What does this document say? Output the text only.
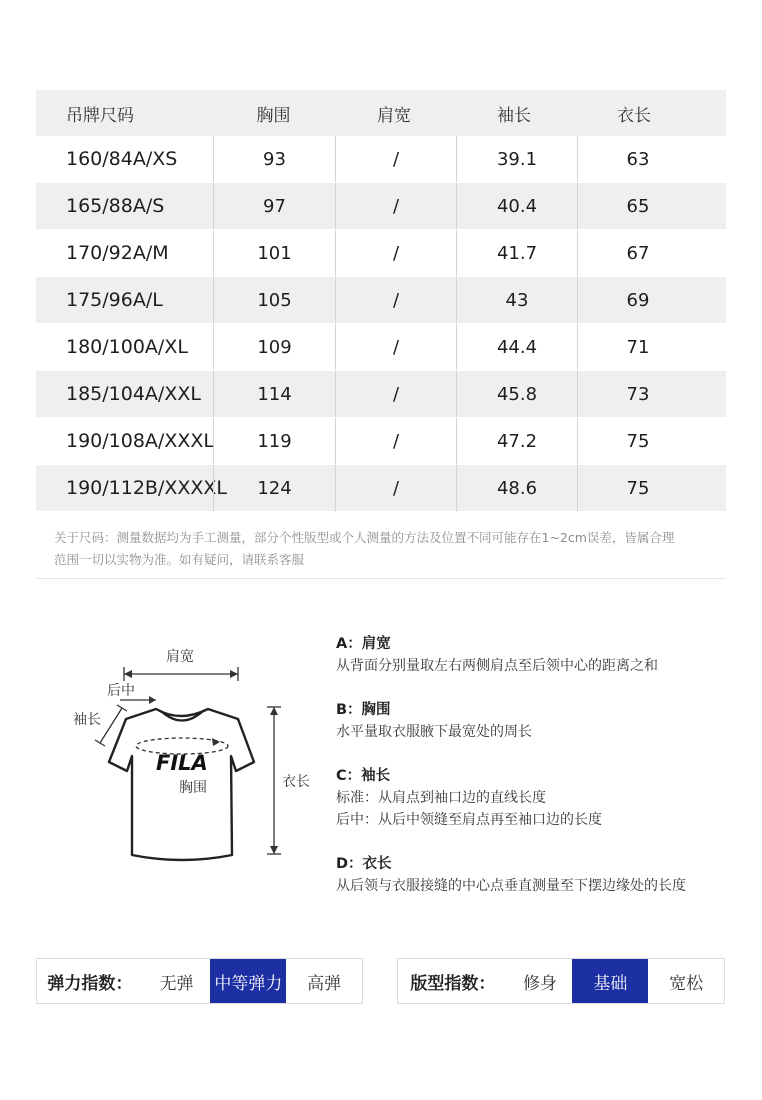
吊牌尺码	胸围	肩宽	袖长	衣长
160/84A/XS	93	/	39.1	63
165/88A/S	97	/	40.4	65
170/92A/M	101	/	41.7	67
175/96A/L	105	/	43	69
180/100A/XL	109	/	44.4	71
185/104A/XXL	114	/	45.8	73
190/108A/XXXL	119	/	47.2	75
190/112B/XXXXL	124	/	48.6	75
关于尺码：测量数据均为手工测量，部分个性版型或个人测量的方法及位置不同可能存在1~2cm误差，皆属合理
范围一切以实物为准。如有疑问，请联系客服
FILA
肩宽
后中
袖长
胸围	衣长
A：肩宽
从背面分别量取左右两侧肩点至后领中心的距离之和
B：胸围
水平量取衣服腋下最宽处的周长
C：袖长
标准：从肩点到袖口边的直线长度
后中：从后中领缝至肩点再至袖口边的长度
D：衣长
从后领与衣服接缝的中心点垂直测量至下摆边缘处的长度
弹力指数：	无弹	中等弹力	高弹	版型指数：	修身	基础	宽松
